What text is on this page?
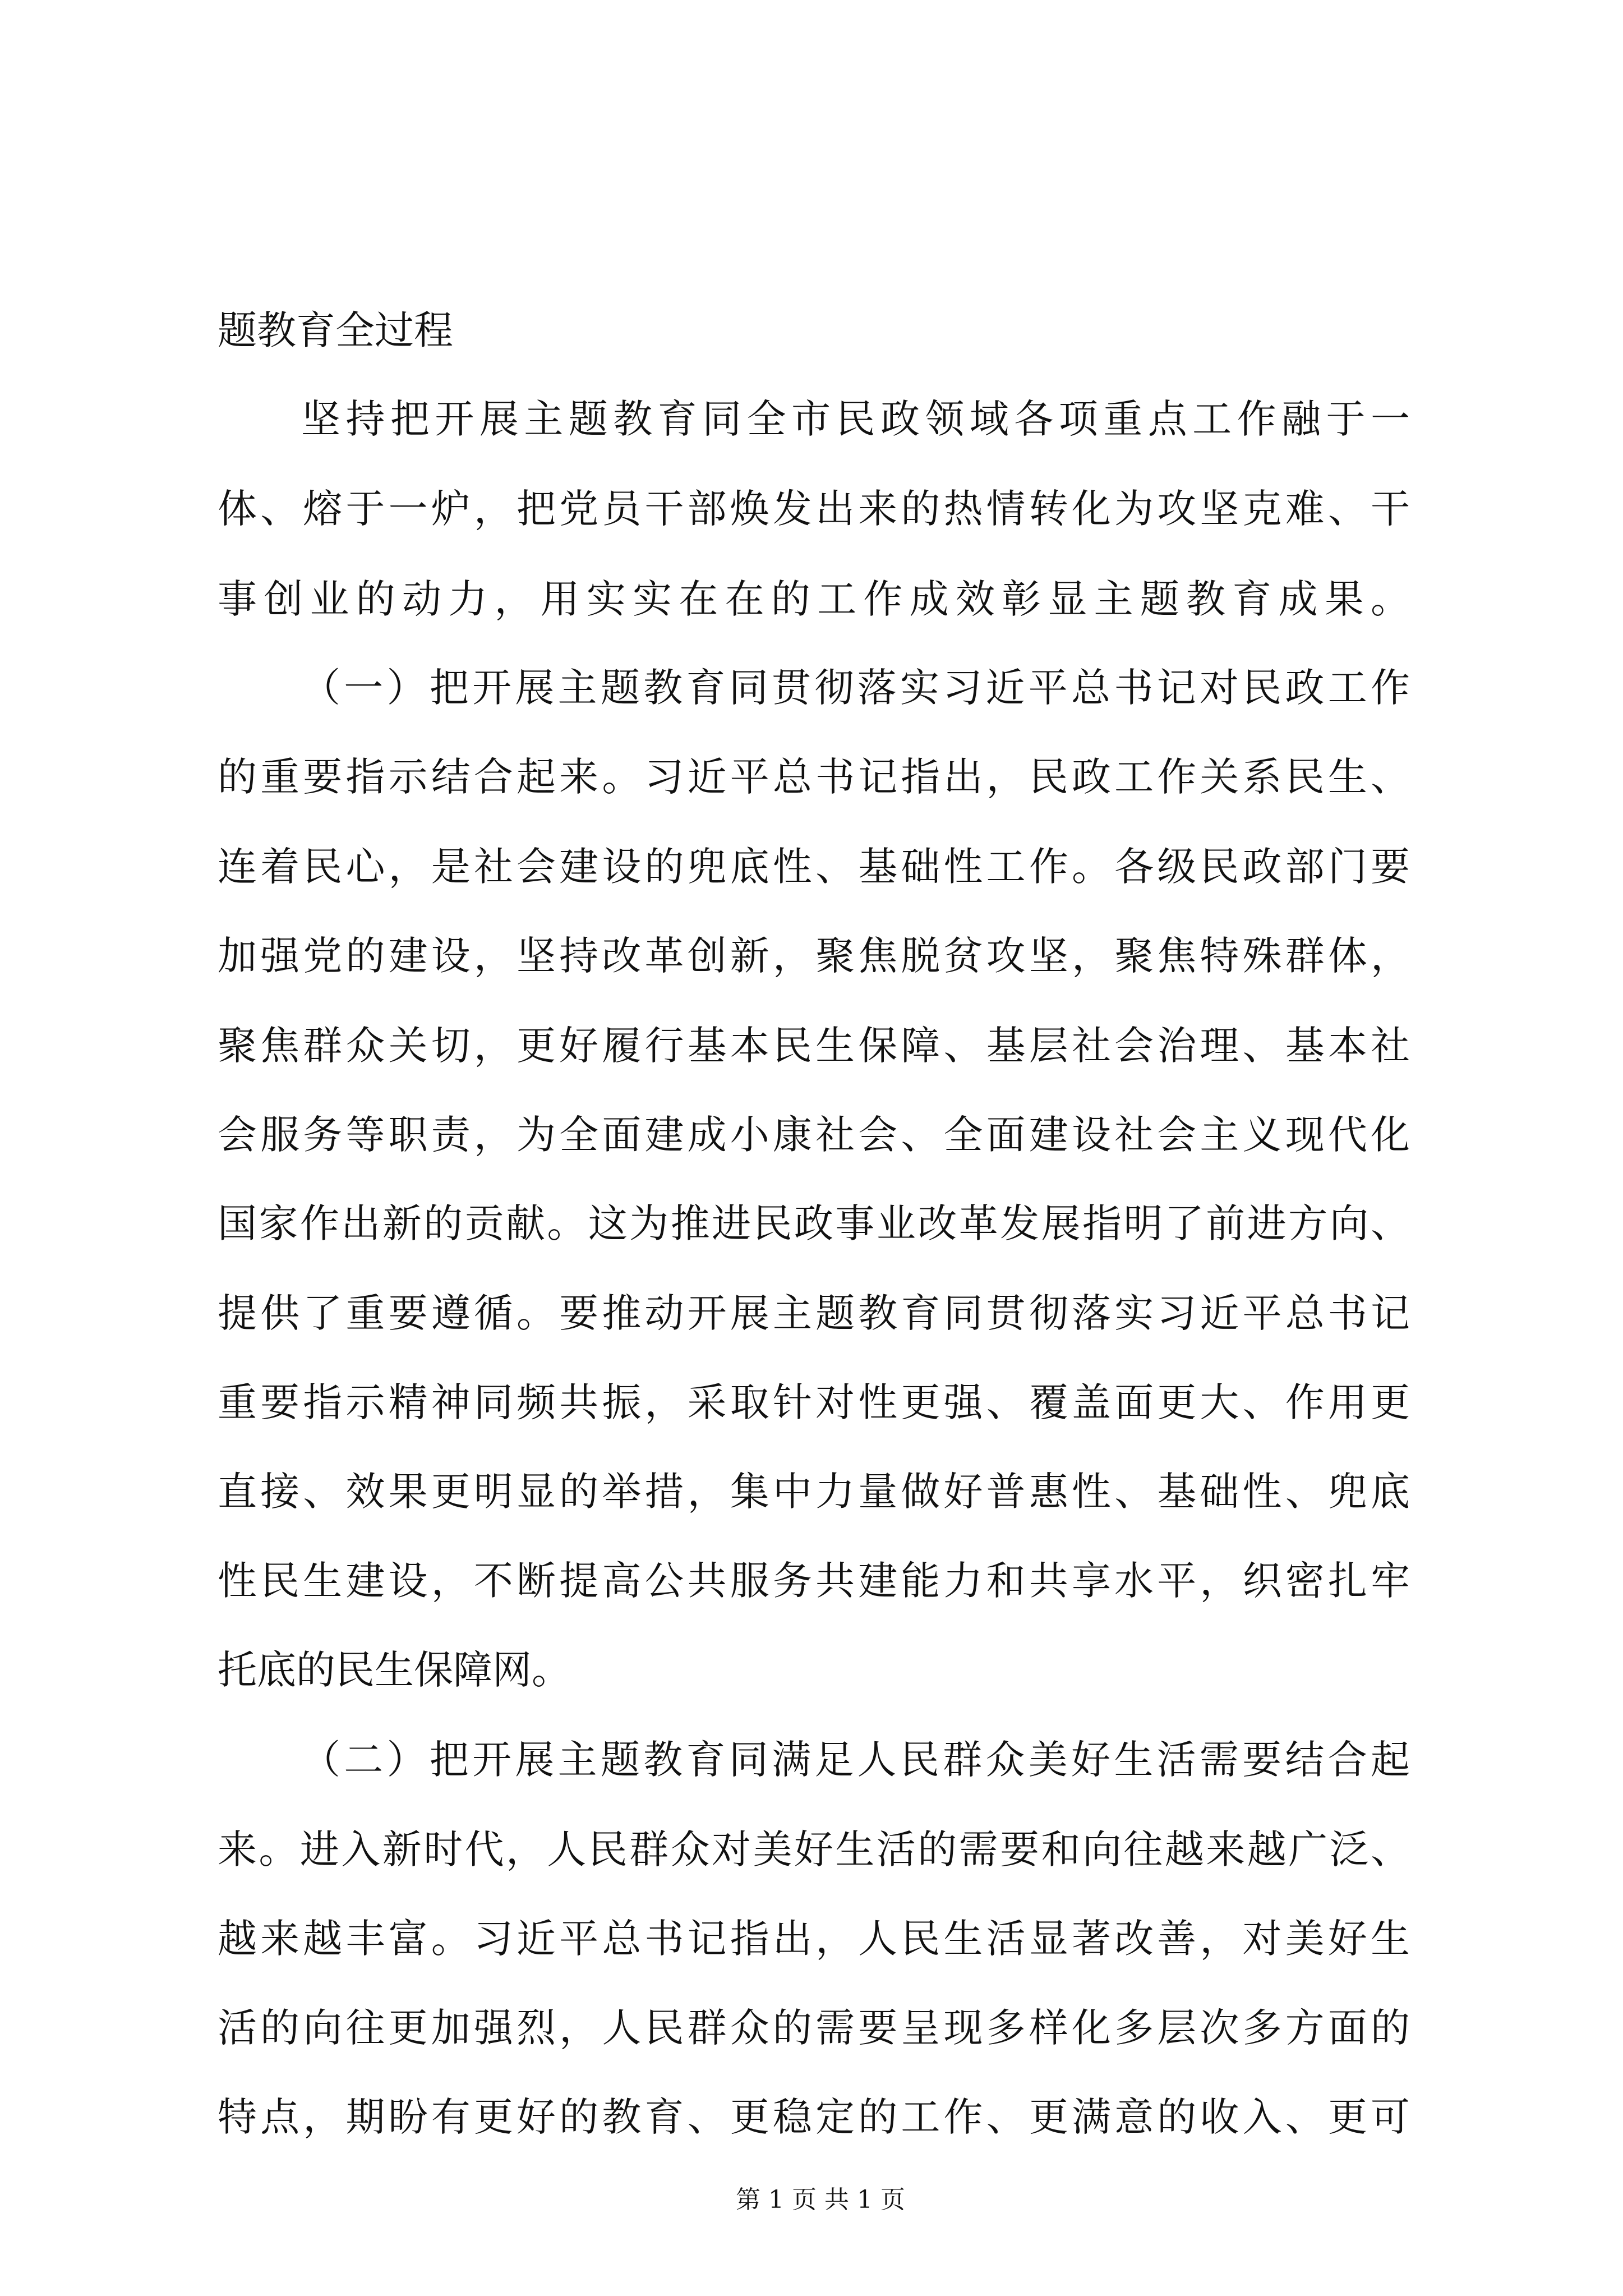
题教育全过程
坚持把开展主题教育同全市民政领域各项重点工作融于一
体、熔于一炉，把党员干部焕发出来的热情转化为攻坚克难、干
事创业的动力，用实实在在的工作成效彰显主题教育成果。
（一）把开展主题教育同贯彻落实习近平总书记对民政工作
的重要指示结合起来。习近平总书记指出，民政工作关系民生、
连着民心，是社会建设的兜底性、基础性工作。各级民政部门要
加强党的建设，坚持改革创新，聚焦脱贫攻坚，聚焦特殊群体，
聚焦群众关切，更好履行基本民生保障、基层社会治理、基本社
会服务等职责，为全面建成小康社会、全面建设社会主义现代化
国家作出新的贡献。这为推进民政事业改革发展指明了前进方向、
提供了重要遵循。要推动开展主题教育同贯彻落实习近平总书记
重要指示精神同频共振，采取针对性更强、覆盖面更大、作用更
直接、效果更明显的举措，集中力量做好普惠性、基础性、兜底
性民生建设，不断提高公共服务共建能力和共享水平，织密扎牢
托底的民生保障网。
（二）把开展主题教育同满足人民群众美好生活需要结合起
来。进入新时代，人民群众对美好生活的需要和向往越来越广泛、
越来越丰富。习近平总书记指出，人民生活显著改善，对美好生
活的向往更加强烈，人民群众的需要呈现多样化多层次多方面的
特点，期盼有更好的教育、更稳定的工作、更满意的收入、更可
第 1 页 共 1 页
